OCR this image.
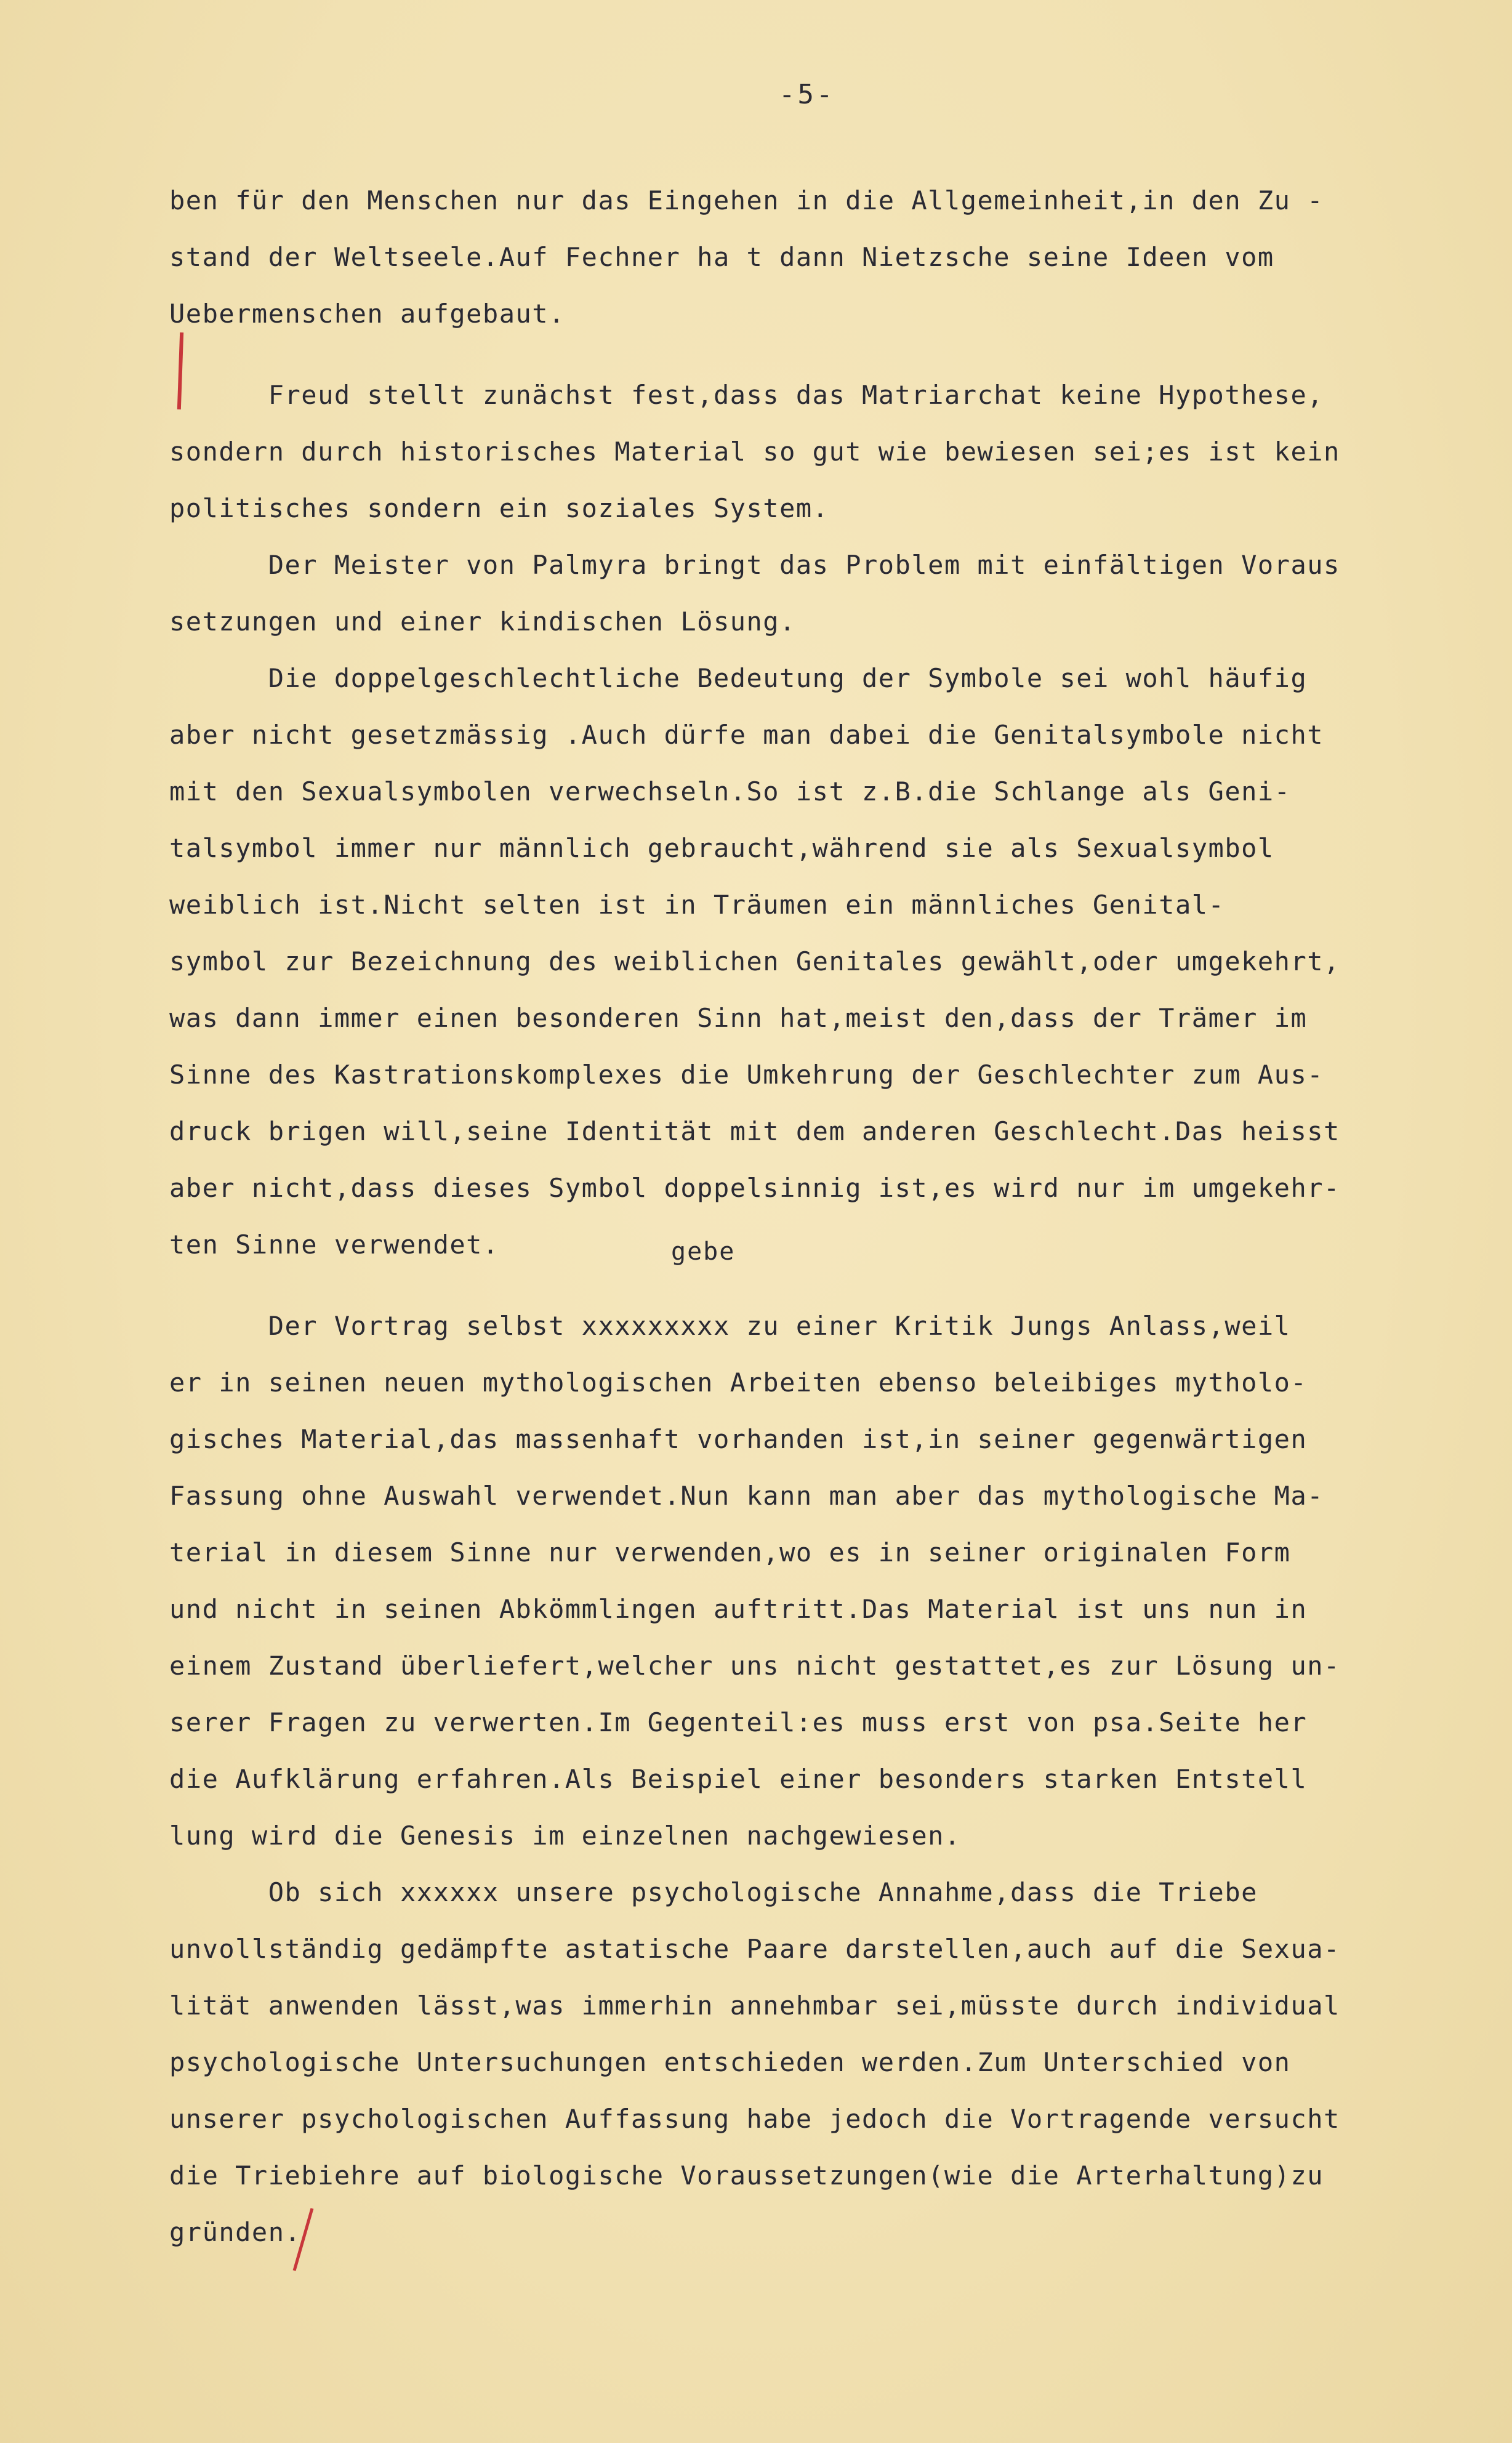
-5-
gebe
ben für den Menschen nur das Eingehen in die Allgemeinheit,in den Zu -
stand der Weltseele.Auf Fechner ha t dann Nietzsche seine Ideen vom
Uebermenschen aufgebaut.
Freud stellt zunächst fest,dass das Matriarchat keine Hypothese,
sondern durch historisches Material so gut wie bewiesen sei;es ist kein
politisches sondern ein soziales System.
Der Meister von Palmyra bringt das Problem mit einfältigen Voraus
setzungen und einer kindischen Lösung.
Die doppelgeschlechtliche Bedeutung der Symbole sei wohl häufig
aber nicht gesetzmässig .Auch dürfe man dabei die Genitalsymbole nicht
mit den Sexualsymbolen verwechseln.So ist z.B.die Schlange als Geni-
talsymbol immer nur männlich gebraucht,während sie als Sexualsymbol
weiblich ist.Nicht selten ist in Träumen ein männliches Genital-
symbol zur Bezeichnung des weiblichen Genitales gewählt,oder umgekehrt,
was dann immer einen besonderen Sinn hat,meist den,dass der Trämer im
Sinne des Kastrationskomplexes die Umkehrung der Geschlechter zum Aus-
druck brigen will,seine Identität mit dem anderen Geschlecht.Das heisst
aber nicht,dass dieses Symbol doppelsinnig ist,es wird nur im umgekehr-
ten Sinne verwendet.
Der Vortrag selbst xxxxxxxxx zu einer Kritik Jungs Anlass,weil
er in seinen neuen mythologischen Arbeiten ebenso beleibiges mytholo-
gisches Material,das massenhaft vorhanden ist,in seiner gegenwärtigen
Fassung ohne Auswahl verwendet.Nun kann man aber das mythologische Ma-
terial in diesem Sinne nur verwenden,wo es in seiner originalen Form
und nicht in seinen Abkömmlingen auftritt.Das Material ist uns nun in
einem Zustand überliefert,welcher uns nicht gestattet,es zur Lösung un-
serer Fragen zu verwerten.Im Gegenteil:es muss erst von psa.Seite her
die Aufklärung erfahren.Als Beispiel einer besonders starken Entstell
lung wird die Genesis im einzelnen nachgewiesen.
Ob sich xxxxxx unsere psychologische Annahme,dass die Triebe
unvollständig gedämpfte astatische Paare darstellen,auch auf die Sexua-
lität anwenden lässt,was immerhin annehmbar sei,müsste durch individual
psychologische Untersuchungen entschieden werden.Zum Unterschied von
unserer psychologischen Auffassung habe jedoch die Vortragende versucht
die Triebiehre auf biologische Voraussetzungen(wie die Arterhaltung)zu
gründen.
